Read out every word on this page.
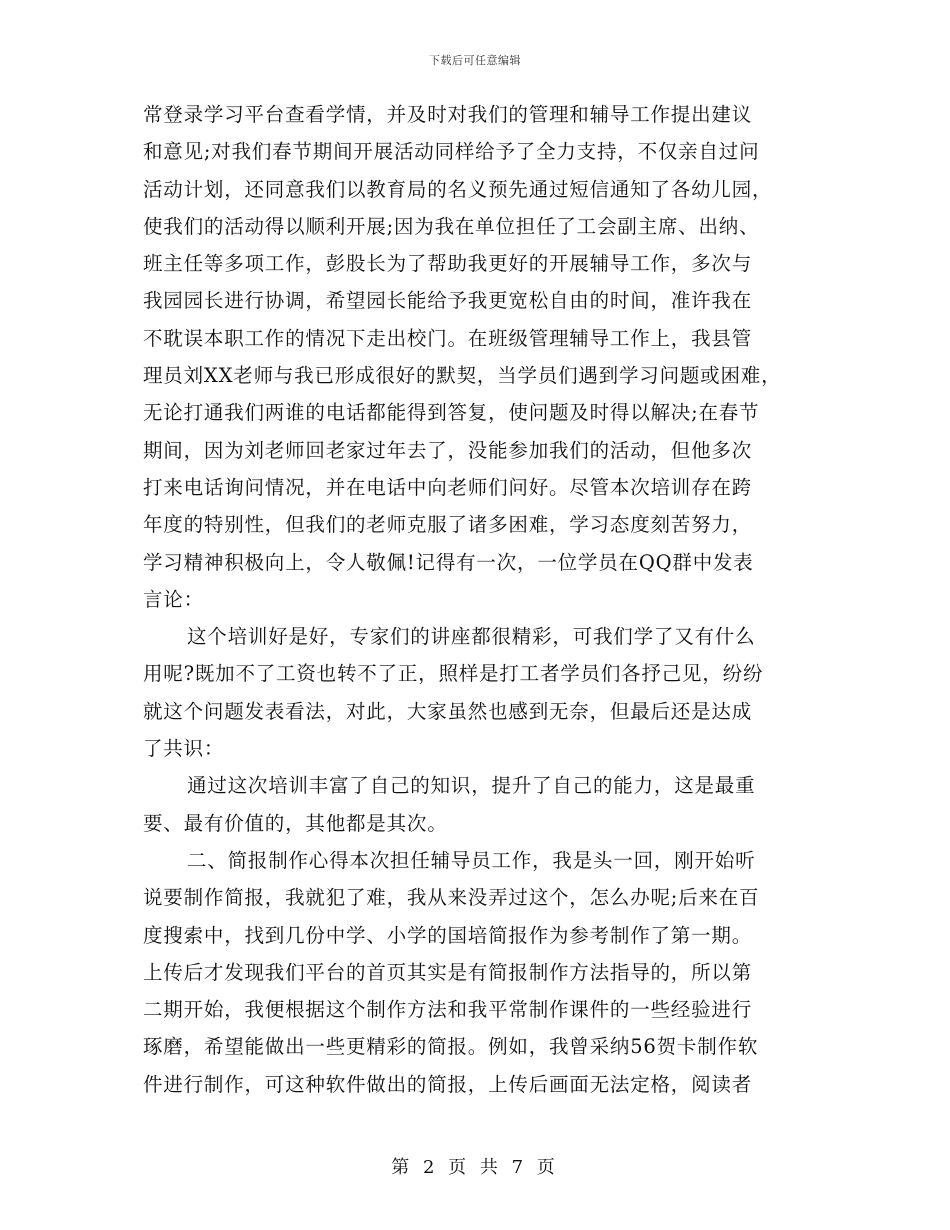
下载后可任意编辑
常登录学习平台查看学情，并及时对我们的管理和辅导工作提出建议
和意见;对我们春节期间开展活动同样给予了全力支持，不仅亲自过问
活动计划，还同意我们以教育局的名义预先通过短信通知了各幼儿园，
使我们的活动得以顺利开展;因为我在单位担任了工会副主席、出纳、
班主任等多项工作，彭股长为了帮助我更好的开展辅导工作，多次与
我园园长进行协调，希望园长能给予我更宽松自由的时间，准许我在
不耽误本职工作的情况下走出校门。在班级管理辅导工作上，我县管
理员刘XX老师与我已形成很好的默契，当学员们遇到学习问题或困难，
无论打通我们两谁的电话都能得到答复，使问题及时得以解决;在春节
期间，因为刘老师回老家过年去了，没能参加我们的活动，但他多次
打来电话询问情况，并在电话中向老师们问好。尽管本次培训存在跨
年度的特别性，但我们的老师克服了诸多困难，学习态度刻苦努力，
学习精神积极向上，令人敬佩!记得有一次，一位学员在QQ群中发表
言论：
这个培训好是好，专家们的讲座都很精彩，可我们学了又有什么
用呢?既加不了工资也转不了正，照样是打工者学员们各抒己见，纷纷
就这个问题发表看法，对此，大家虽然也感到无奈，但最后还是达成
了共识：
通过这次培训丰富了自己的知识，提升了自己的能力，这是最重
要、最有价值的，其他都是其次。
二、简报制作心得本次担任辅导员工作，我是头一回，刚开始听
说要制作简报，我就犯了难，我从来没弄过这个，怎么办呢;后来在百
度搜索中，找到几份中学、小学的国培简报作为参考制作了第一期。
上传后才发现我们平台的首页其实是有简报制作方法指导的，所以第
二期开始，我便根据这个制作方法和我平常制作课件的一些经验进行
琢磨，希望能做出一些更精彩的简报。例如，我曾采纳56贺卡制作软
件进行制作，可这种软件做出的简报，上传后画面无法定格，阅读者
第 2 页 共 7 页
